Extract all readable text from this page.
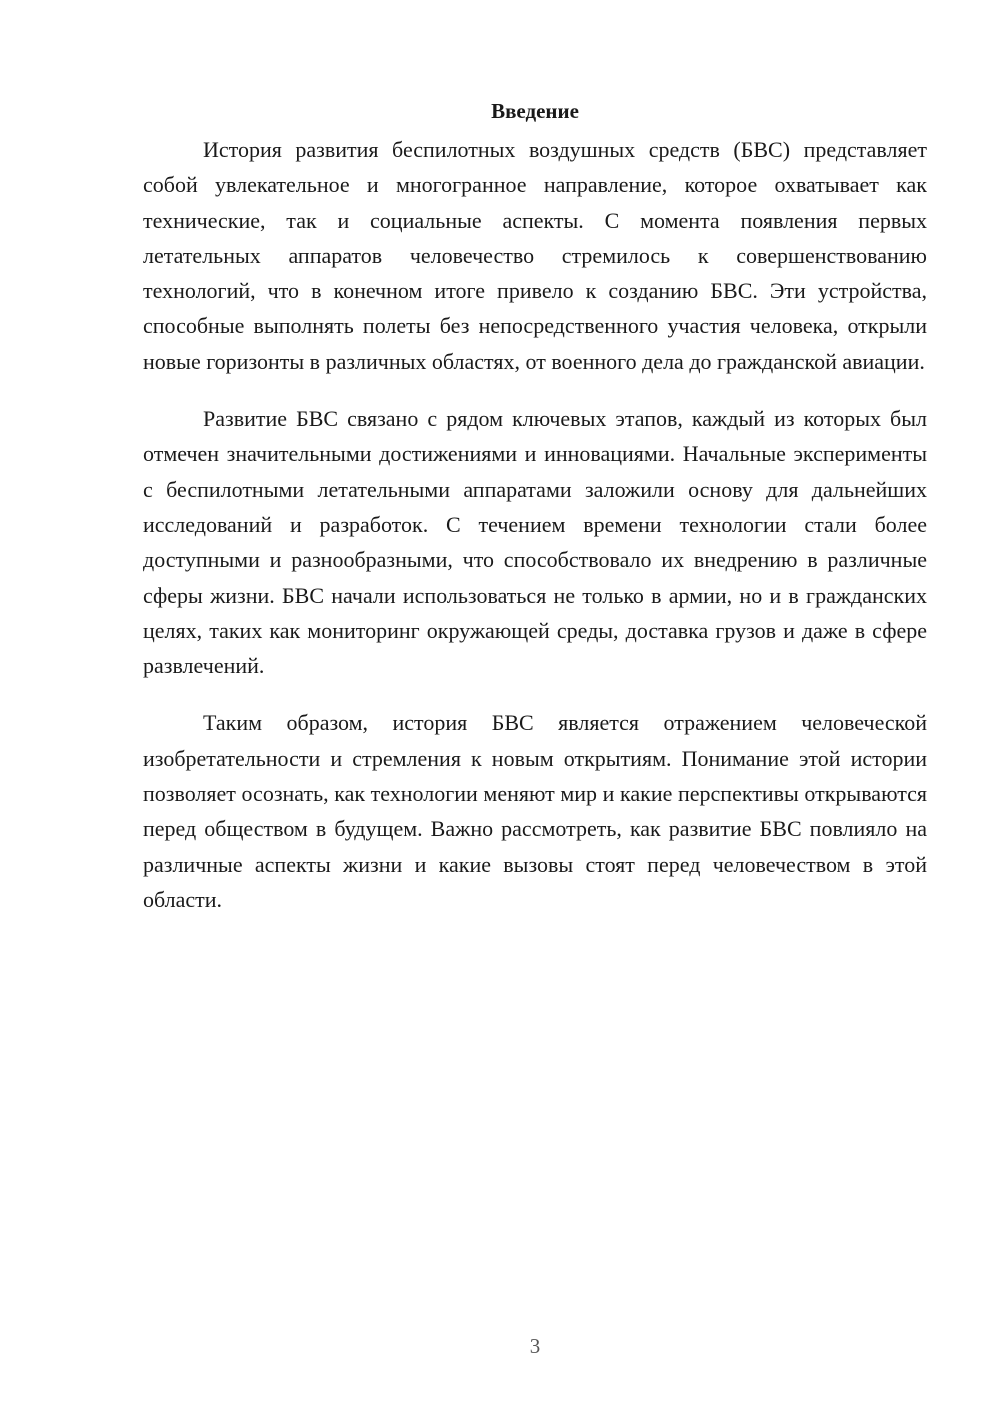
Введение

История развития беспилотных воздушных средств (БВС) представляет собой увлекательное и многогранное направление, которое охватывает как технические, так и социальные аспекты. С момента появления первых летательных аппаратов человечество стремилось к совершенствованию технологий, что в конечном итоге привело к созданию БВС. Эти устройства, способные выполнять полеты без непосредственного участия человека, открыли новые горизонты в различных областях, от военного дела до гражданской авиации.

Развитие БВС связано с рядом ключевых этапов, каждый из которых был отмечен значительными достижениями и инновациями. Начальные эксперименты с беспилотными летательными аппаратами заложили основу для дальнейших исследований и разработок. С течением времени технологии стали более доступными и разнообразными, что способствовало их внедрению в различные сферы жизни. БВС начали использоваться не только в армии, но и в гражданских целях, таких как мониторинг окружающей среды, доставка грузов и даже в сфере развлечений.

Таким образом, история БВС является отражением человеческой изобретательности и стремления к новым открытиям. Понимание этой истории позволяет осознать, как технологии меняют мир и какие перспективы открываются перед обществом в будущем. Важно рассмотреть, как развитие БВС повлияло на различные аспекты жизни и какие вызовы стоят перед человечеством в этой области.

3
